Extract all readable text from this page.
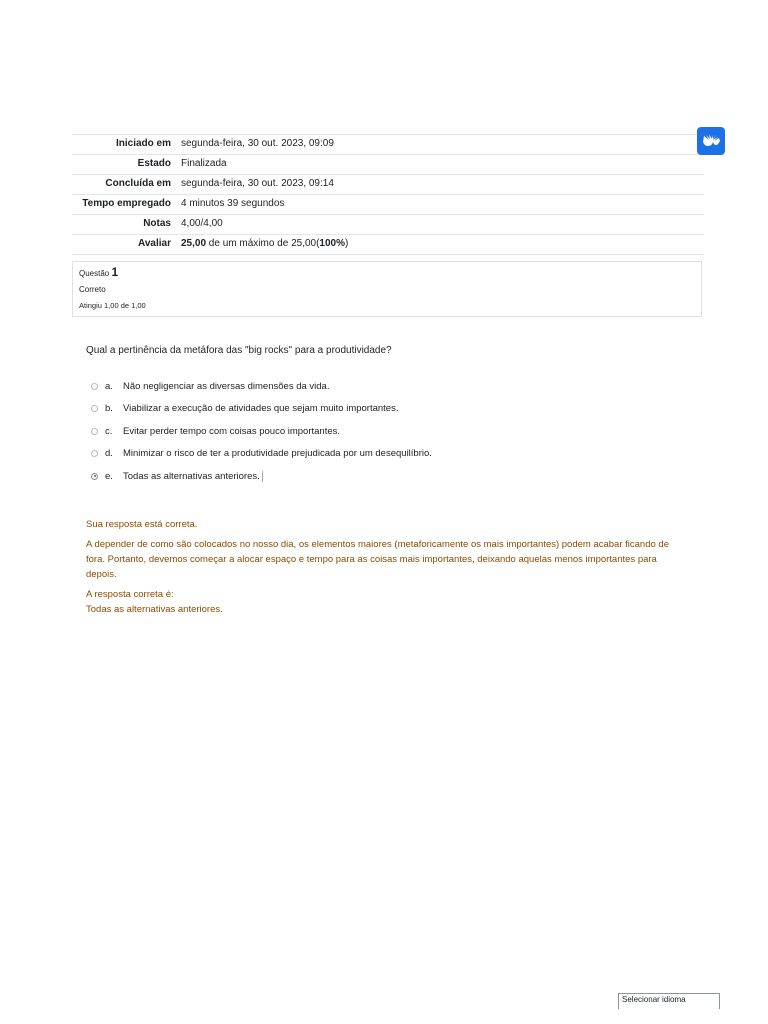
Iniciado em	segunda-feira, 30 out. 2023, 09:09
Estado	Finalizada
Concluída em	segunda-feira, 30 out. 2023, 09:14
Tempo empregado	4 minutos 39 segundos
Notas	4,00/4,00
Avaliar	25,00 de um máximo de 25,00(100%)
Questão 1
Correto
Atingiu 1,00 de 1,00
Qual a pertinência da metáfora das "big rocks" para a produtividade?
a.	Não negligenciar as diversas dimensões da vida.
b.	Viabilizar a execução de atividades que sejam muito importantes.
c.	Evitar perder tempo com coisas pouco importantes.
d.	Minimizar o risco de ter a produtividade prejudicada por um desequilíbrio.
e.	Todas as alternativas anteriores.

Sua resposta está correta.

A depender de como são colocados no nosso dia, os elementos maiores (metaforicamente os mais importantes) podem acabar ficando de fora. Portanto, devemos começar a alocar espaço e tempo para as coisas mais importantes, deixando aquelas menos importantes para depois.

A resposta correta é:

Todas as alternativas anteriores.

Selecionar idioma
